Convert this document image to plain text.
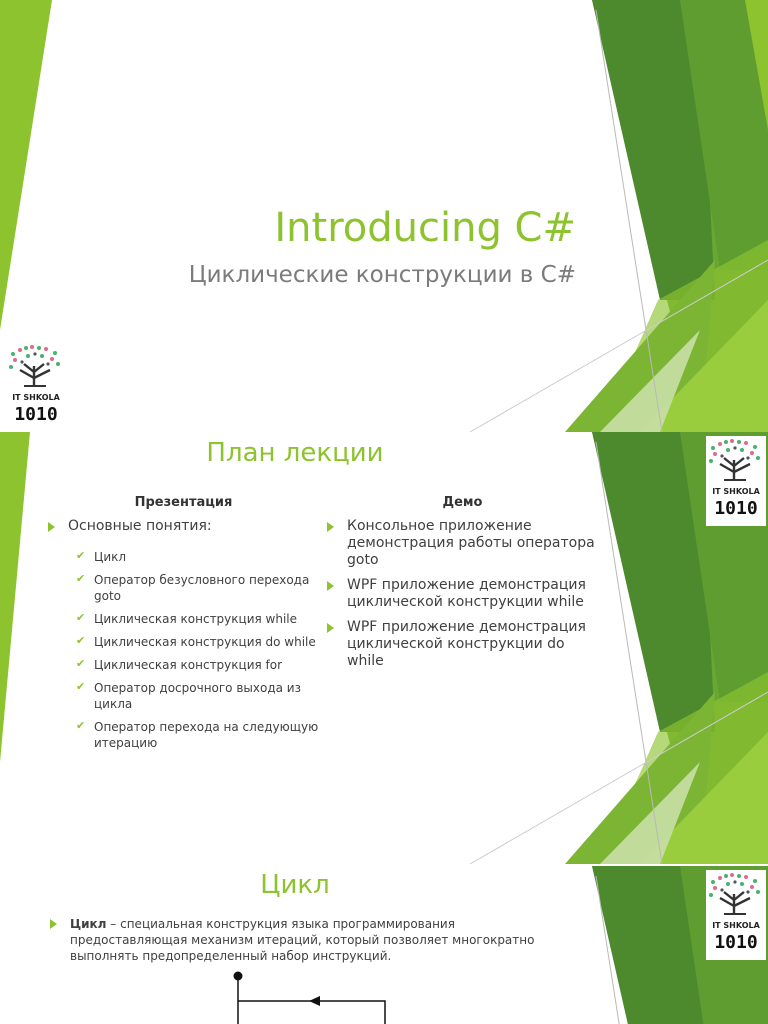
IT SHKOLA
1010
Introducing C#

Циклические конструкции в C#

IT SHKOLA
1010
План лекции
Презентация
Основные понятия:
✔ Цикл
✔ Оператор безусловного перехода goto
✔ Циклическая конструкция while
✔ Циклическая конструкция do while
✔ Циклическая конструкция for
✔ Оператор досрочного выхода из цикла
✔ Оператор перехода на следующую итерацию
Демо
Консольное приложение демонстрация работы оператора goto
WPF приложение демонстрация циклической конструкции while
WPF приложение демонстрация циклической конструкции do while
IT SHKOLA
1010
Цикл

Цикл – специальная конструкция языка программирования предоставляющая механизм итераций, который позволяет многократно выполнять предопределенный набор инструкций.
